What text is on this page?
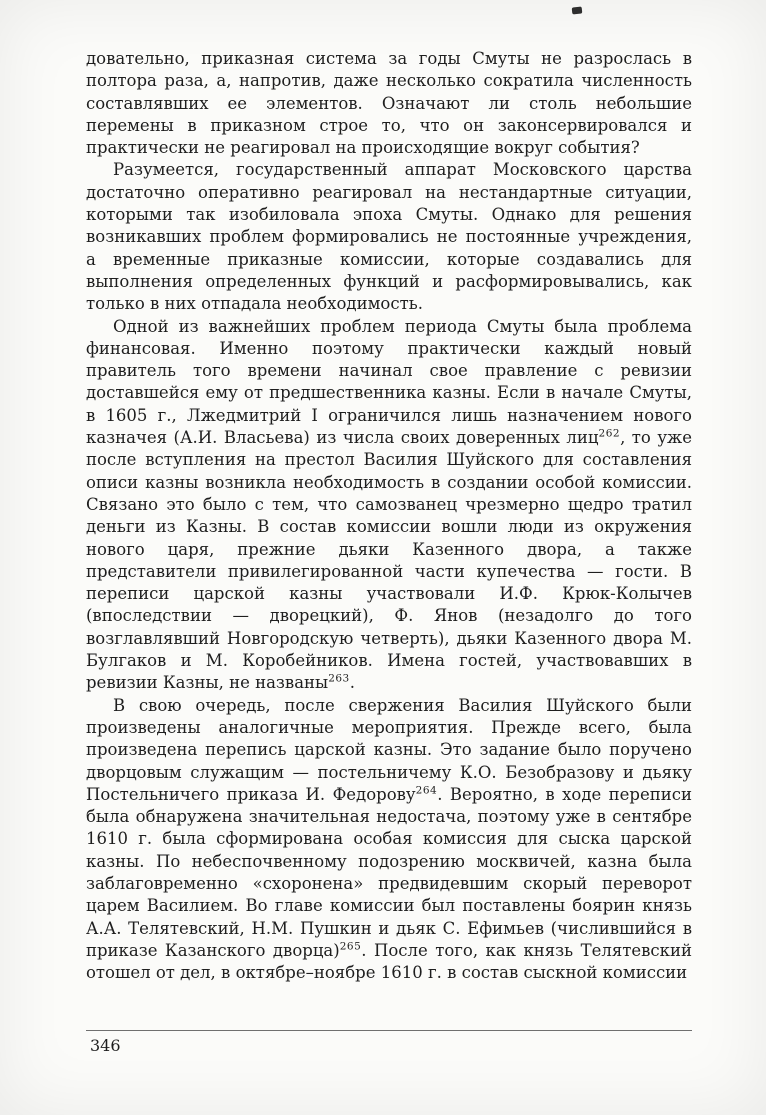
довательно, приказная система за годы Смуты не разрослась в полтора раза, а, напротив, даже несколько сократила численность составлявших ее элементов. Означают ли столь небольшие перемены в приказном строе то, что он законсервировался и практически не реагировал на происходящие вокруг события?

Разумеется, государственный аппарат Московского царства достаточно оперативно реагировал на нестандартные ситуации, которыми так изобиловала эпоха Смуты. Однако для решения возникавших проблем формировались не постоянные учреждения, а временные приказные комиссии, которые создавались для выполнения определенных функций и расформировывались, как только в них отпадала необходимость.

Одной из важнейших проблем периода Смуты была проблема финансовая. Именно поэтому практически каждый новый правитель того времени начинал свое правление с ревизии доставшейся ему от предшественника казны. Если в начале Смуты, в 1605 г., Лжедмитрий I ограничился лишь назначением нового казначея (А.И. Власьева) из числа своих доверенных лиц$^{262}$, то уже после вступления на престол Василия Шуйского для составления описи казны возникла необходимость в создании особой комиссии. Связано это было с тем, что самозванец чрезмерно щедро тратил деньги из Казны. В состав комиссии вошли люди из окружения нового царя, прежние дьяки Казенного двора, а также представители привилегированной части купечества — гости. В переписи царской казны участвовали И.Ф. Крюк-Колычев (впоследствии — дворецкий), Ф. Янов (незадолго до того возглавлявший Новгородскую четверть), дьяки Казенного двора М. Булгаков и М. Коробейников. Имена гостей, участвовавших в ревизии Казны, не названы$^{263}$.

В свою очередь, после свержения Василия Шуйского были произведены аналогичные мероприятия. Прежде всего, была произведена перепись царской казны. Это задание было поручено дворцовым служащим — постельничему К.О. Безобразову и дьяку Постельничего приказа И. Федорову$^{264}$. Вероятно, в ходе переписи была обнаружена значительная недостача, поэтому уже в сентябре 1610 г. была сформирована особая комиссия для сыска царской казны. По небеспочвенному подозрению москвичей, казна была заблаговременно «схоронена» предвидевшим скорый переворот царем Василием. Во главе комиссии был поставлены боярин князь А.А. Телятевский, Н.М. Пушкин и дьяк С. Ефимьев (числившийся в приказе Казанского дворца)$^{265}$. После того, как князь Телятевский отошел от дел, в октябре–ноябре 1610 г. в состав сыскной комиссии

346
